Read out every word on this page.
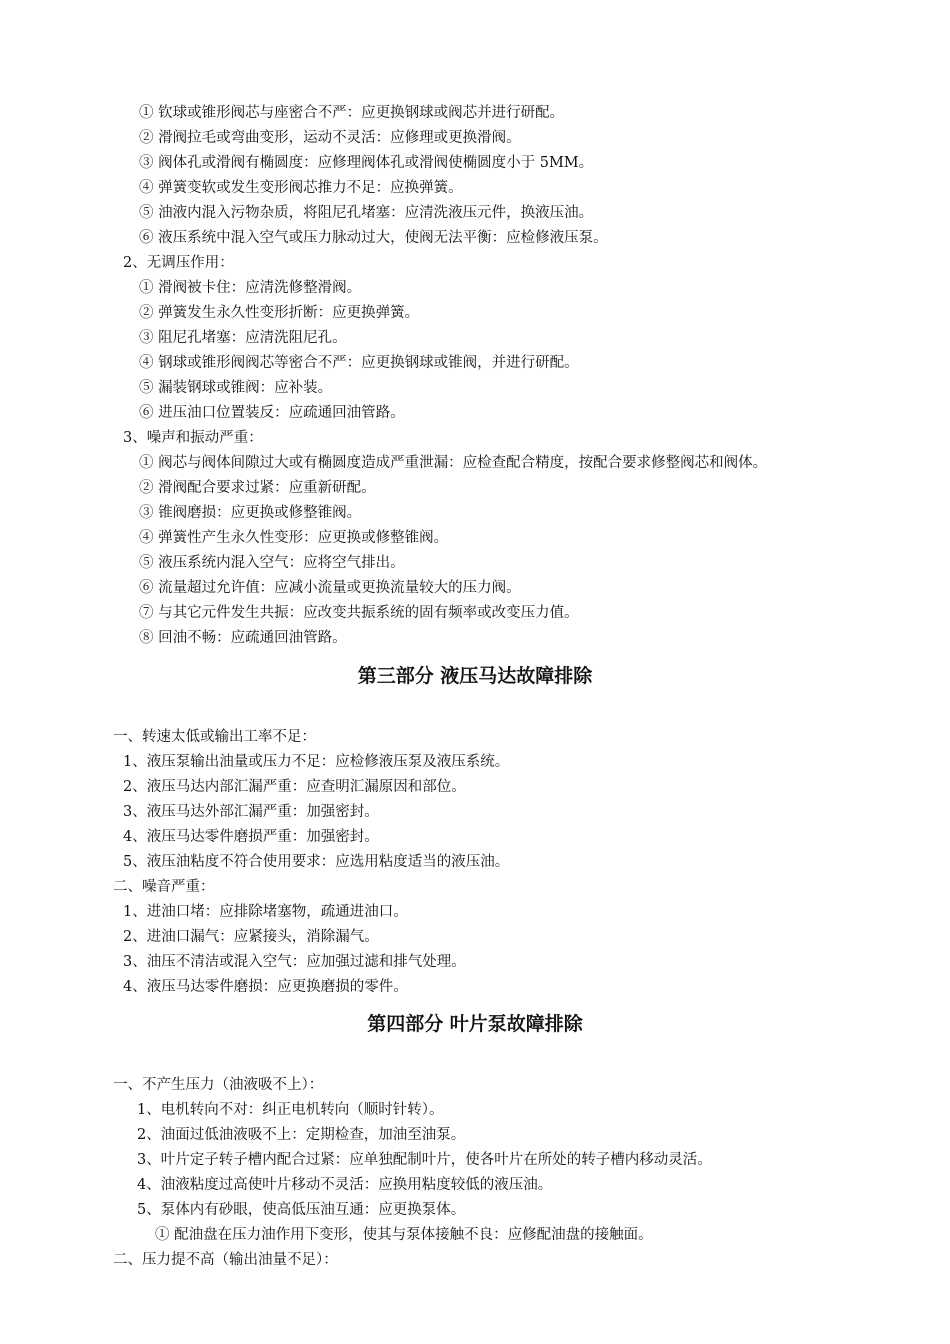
① 钦球或锥形阀芯与座密合不严：应更换钢球或阀芯并进行研配。
② 滑阀拉毛或弯曲变形，运动不灵活：应修理或更换滑阀。
③ 阀体孔或滑阀有椭圆度：应修理阀体孔或滑阀使椭圆度小于 5MM。
④ 弹簧变软或发生变形阀芯推力不足：应换弹簧。
⑤ 油液内混入污物杂质，将阻尼孔堵塞：应清洗液压元件，换液压油。
⑥ 液压系统中混入空气或压力脉动过大，使阀无法平衡：应检修液压泵。
2、无调压作用：
① 滑阀被卡住：应清洗修整滑阀。
② 弹簧发生永久性变形折断：应更换弹簧。
③ 阻尼孔堵塞：应清洗阻尼孔。
④ 钢球或锥形阀阀芯等密合不严：应更换钢球或锥阀，并进行研配。
⑤ 漏装钢球或锥阀：应补装。
⑥ 进压油口位置装反：应疏通回油管路。
3、噪声和振动严重：
① 阀芯与阀体间隙过大或有椭圆度造成严重泄漏：应检查配合精度，按配合要求修整阀芯和阀体。
② 滑阀配合要求过紧：应重新研配。
③ 锥阀磨损：应更换或修整锥阀。
④ 弹簧性产生永久性变形：应更换或修整锥阀。
⑤ 液压系统内混入空气：应将空气排出。
⑥ 流量超过允许值：应减小流量或更换流量较大的压力阀。
⑦ 与其它元件发生共振：应改变共振系统的固有频率或改变压力值。
⑧ 回油不畅：应疏通回油管路。
第三部分 液压马达故障排除
一、转速太低或输出工率不足：
1、液压泵输出油量或压力不足：应检修液压泵及液压系统。
2、液压马达内部汇漏严重：应查明汇漏原因和部位。
3、液压马达外部汇漏严重：加强密封。
4、液压马达零件磨损严重：加强密封。
5、液压油粘度不符合使用要求：应选用粘度适当的液压油。
二、噪音严重：
1、进油口堵：应排除堵塞物，疏通进油口。
2、进油口漏气：应紧接头，消除漏气。
3、油压不清洁或混入空气：应加强过滤和排气处理。
4、液压马达零件磨损：应更换磨损的零件。
第四部分 叶片泵故障排除
一、不产生压力（油液吸不上）：
1、电机转向不对：纠正电机转向（顺时针转）。
2、油面过低油液吸不上：定期检查，加油至油泵。
3、叶片定子转子槽内配合过紧：应单独配制叶片，使各叶片在所处的转子槽内移动灵活。
4、油液粘度过高使叶片移动不灵活：应换用粘度较低的液压油。
5、泵体内有砂眼，使高低压油互通：应更换泵体。
① 配油盘在压力油作用下变形，使其与泵体接触不良：应修配油盘的接触面。
二、压力提不高（输出油量不足）：
